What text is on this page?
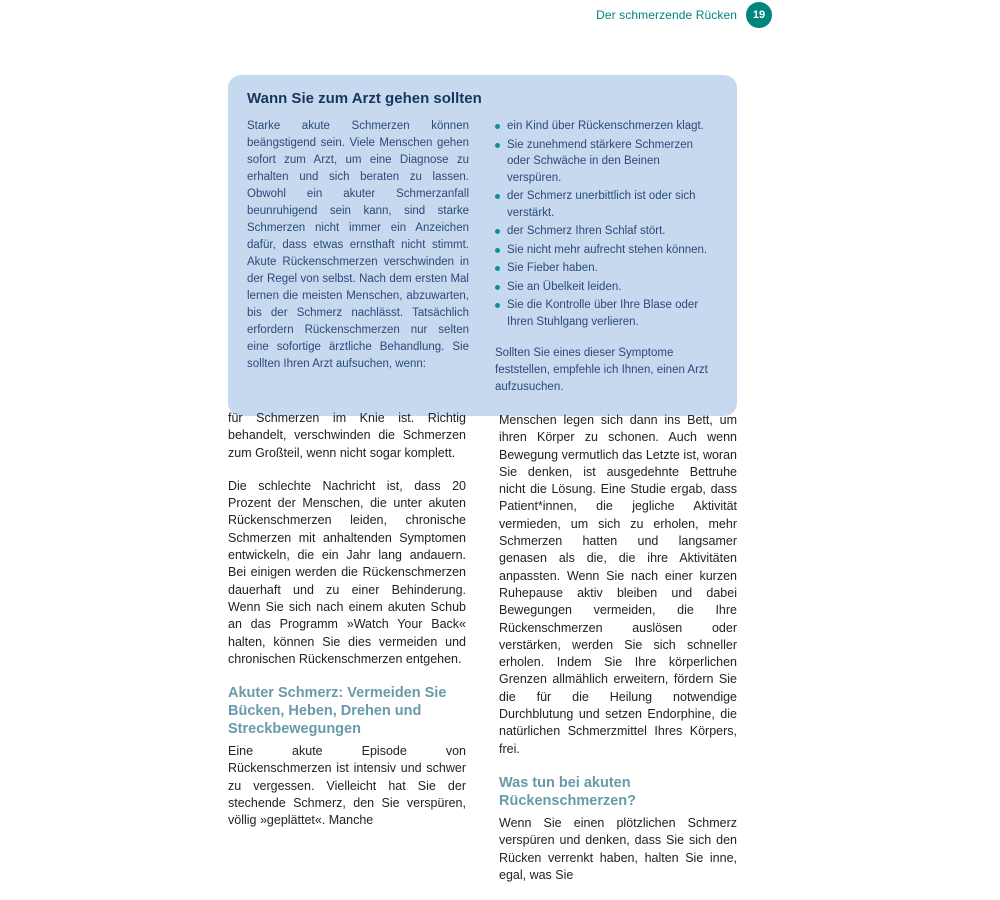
Der schmerzende Rücken	19
Wann Sie zum Arzt gehen sollten
Starke akute Schmerzen können beängstigend sein. Viele Menschen gehen sofort zum Arzt, um eine Diagnose zu erhalten und sich beraten zu lassen. Obwohl ein akuter Schmerzanfall beunruhigend sein kann, sind starke Schmerzen nicht immer ein Anzeichen dafür, dass etwas ernsthaft nicht stimmt. Akute Rückenschmerzen verschwinden in der Regel von selbst. Nach dem ersten Mal lernen die meisten Menschen, abzuwarten, bis der Schmerz nachlässt. Tatsächlich erfordern Rückenschmerzen nur selten eine sofortige ärztliche Behandlung. Sie sollten Ihren Arzt aufsuchen, wenn:
ein Kind über Rückenschmerzen klagt.
Sie zunehmend stärkere Schmerzen oder Schwäche in den Beinen verspüren.
der Schmerz unerbittlich ist oder sich verstärkt.
der Schmerz Ihren Schlaf stört.
Sie nicht mehr aufrecht stehen können.
Sie Fieber haben.
Sie an Übelkeit leiden.
Sie die Kontrolle über Ihre Blase oder Ihren Stuhlgang verlieren.

Sollten Sie eines dieser Symptome feststellen, empfehle ich Ihnen, einen Arzt aufzusuchen.

für Schmerzen im Knie ist. Richtig behandelt, verschwinden die Schmerzen zum Großteil, wenn nicht sogar komplett.

Die schlechte Nachricht ist, dass 20 Prozent der Menschen, die unter akuten Rückenschmerzen leiden, chronische Schmerzen mit anhaltenden Symptomen entwickeln, die ein Jahr lang andauern. Bei einigen werden die Rückenschmerzen dauerhaft und zu einer Behinderung. Wenn Sie sich nach einem akuten Schub an das Programm »Watch Your Back« halten, können Sie dies vermeiden und chronischen Rückenschmerzen entgehen.

Akuter Schmerz: Vermeiden Sie Bücken, Heben, Drehen und Streckbewegungen

Eine akute Episode von Rückenschmerzen ist intensiv und schwer zu vergessen. Vielleicht hat Sie der stechende Schmerz, den Sie verspüren, völlig »geplättet«. Manche

Menschen legen sich dann ins Bett, um ihren Körper zu schonen. Auch wenn Bewegung vermutlich das Letzte ist, woran Sie denken, ist ausgedehnte Bettruhe nicht die Lösung. Eine Studie ergab, dass Patient*innen, die jegliche Aktivität vermieden, um sich zu erholen, mehr Schmerzen hatten und langsamer genasen als die, die ihre Aktivitäten anpassten. Wenn Sie nach einer kurzen Ruhepause aktiv bleiben und dabei Bewegungen vermeiden, die Ihre Rückenschmerzen auslösen oder verstärken, werden Sie sich schneller erholen. Indem Sie Ihre körperlichen Grenzen allmählich erweitern, fördern Sie die für die Heilung notwendige Durchblutung und setzen Endorphine, die natürlichen Schmerzmittel Ihres Körpers, frei.

Was tun bei akuten Rückenschmerzen?

Wenn Sie einen plötzlichen Schmerz verspüren und denken, dass Sie sich den Rücken verrenkt haben, halten Sie inne, egal, was Sie
